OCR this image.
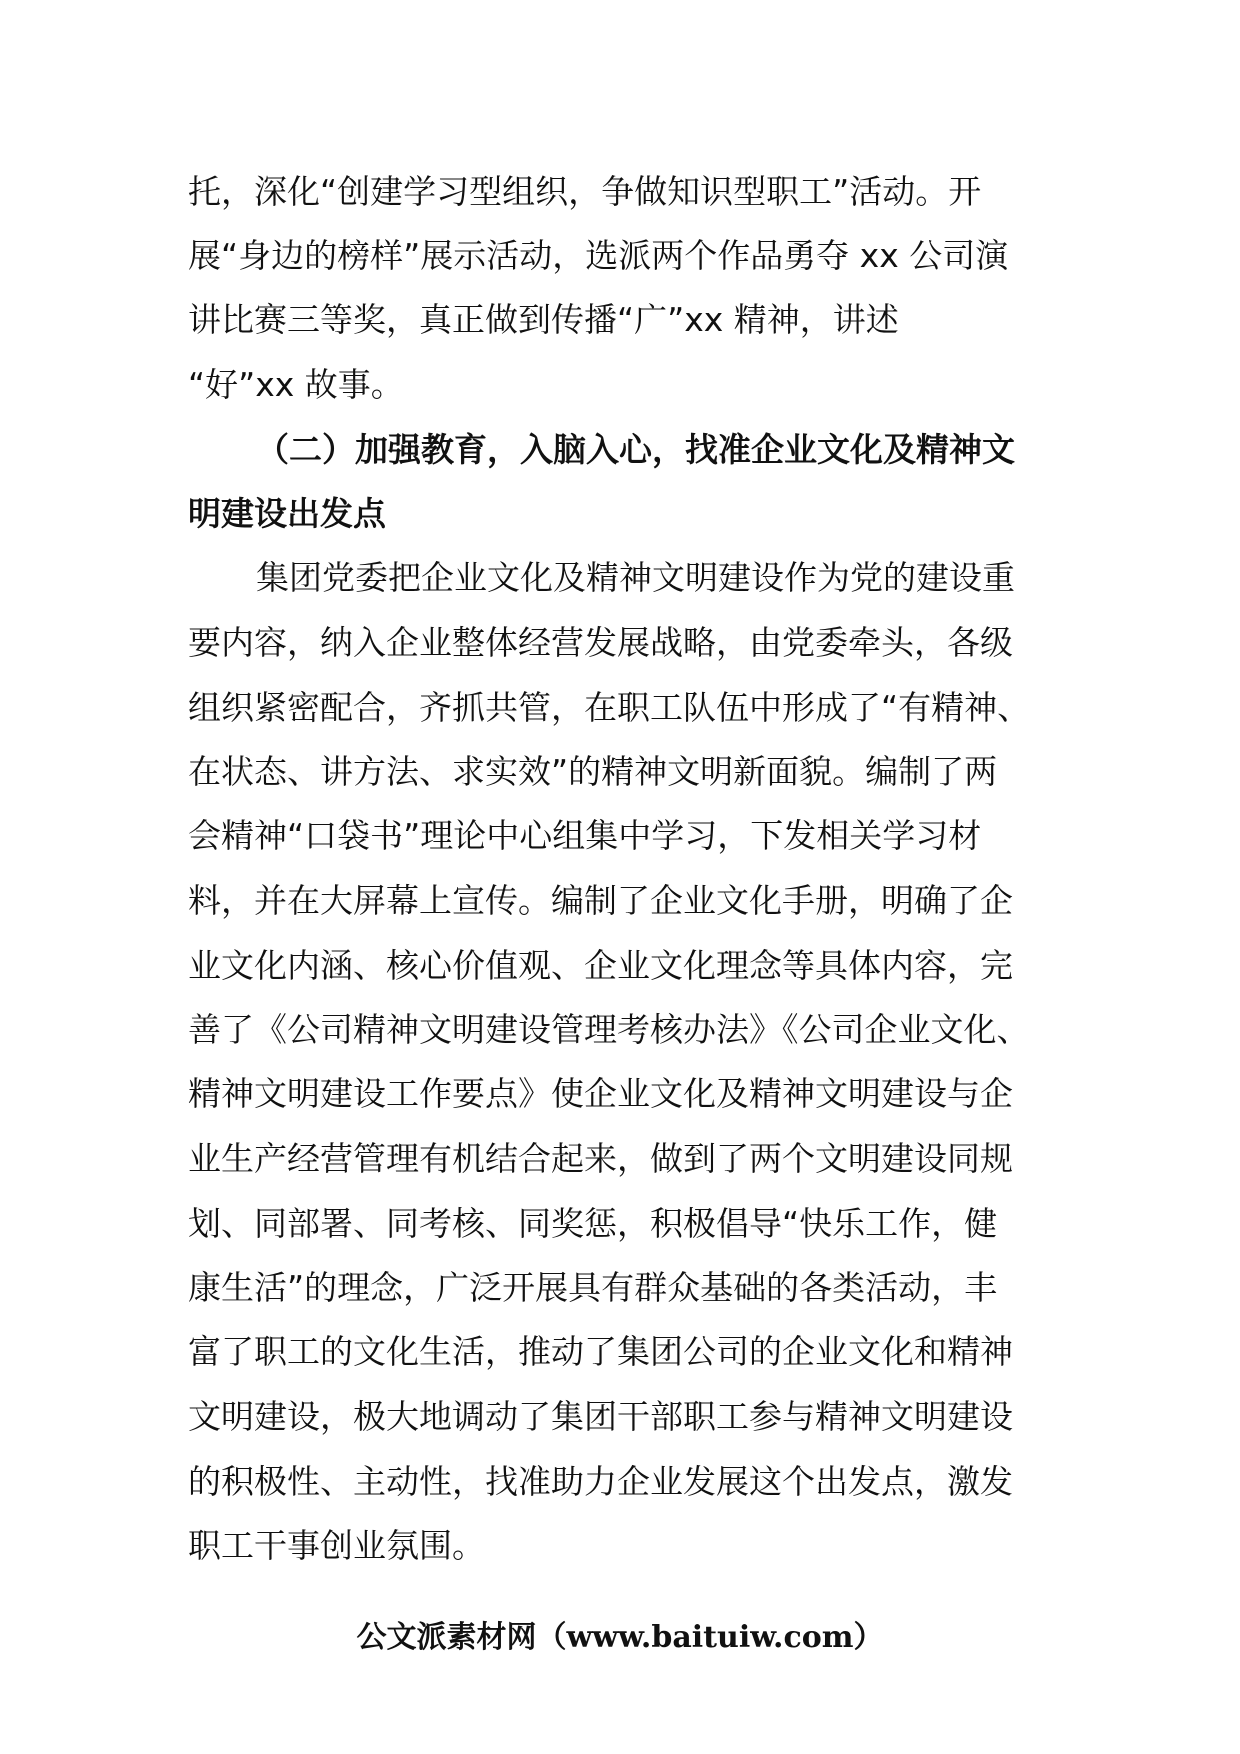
托，深化“创建学习型组织，争做知识型职工”活动。开
展“身边的榜样”展示活动，选派两个作品勇夺 xx 公司演
讲比赛三等奖，真正做到传播“广”xx 精神，讲述
“好”xx 故事。
（二）加强教育，入脑入心，找准企业文化及精神文
明建设出发点
集团党委把企业文化及精神文明建设作为党的建设重
要内容，纳入企业整体经营发展战略，由党委牵头，各级
组织紧密配合，齐抓共管，在职工队伍中形成了“有精神、
在状态、讲方法、求实效”的精神文明新面貌。编制了两
会精神“口袋书”理论中心组集中学习，下发相关学习材
料，并在大屏幕上宣传。编制了企业文化手册，明确了企
业文化内涵、核心价值观、企业文化理念等具体内容，完
善了《公司精神文明建设管理考核办法》《公司企业文化、
精神文明建设工作要点》使企业文化及精神文明建设与企
业生产经营管理有机结合起来，做到了两个文明建设同规
划、同部署、同考核、同奖惩，积极倡导“快乐工作，健
康生活”的理念，广泛开展具有群众基础的各类活动，丰
富了职工的文化生活，推动了集团公司的企业文化和精神
文明建设，极大地调动了集团干部职工参与精神文明建设
的积极性、主动性，找准助力企业发展这个出发点，激发
职工干事创业氛围。
公文派素材网（www.baituiw.com）
